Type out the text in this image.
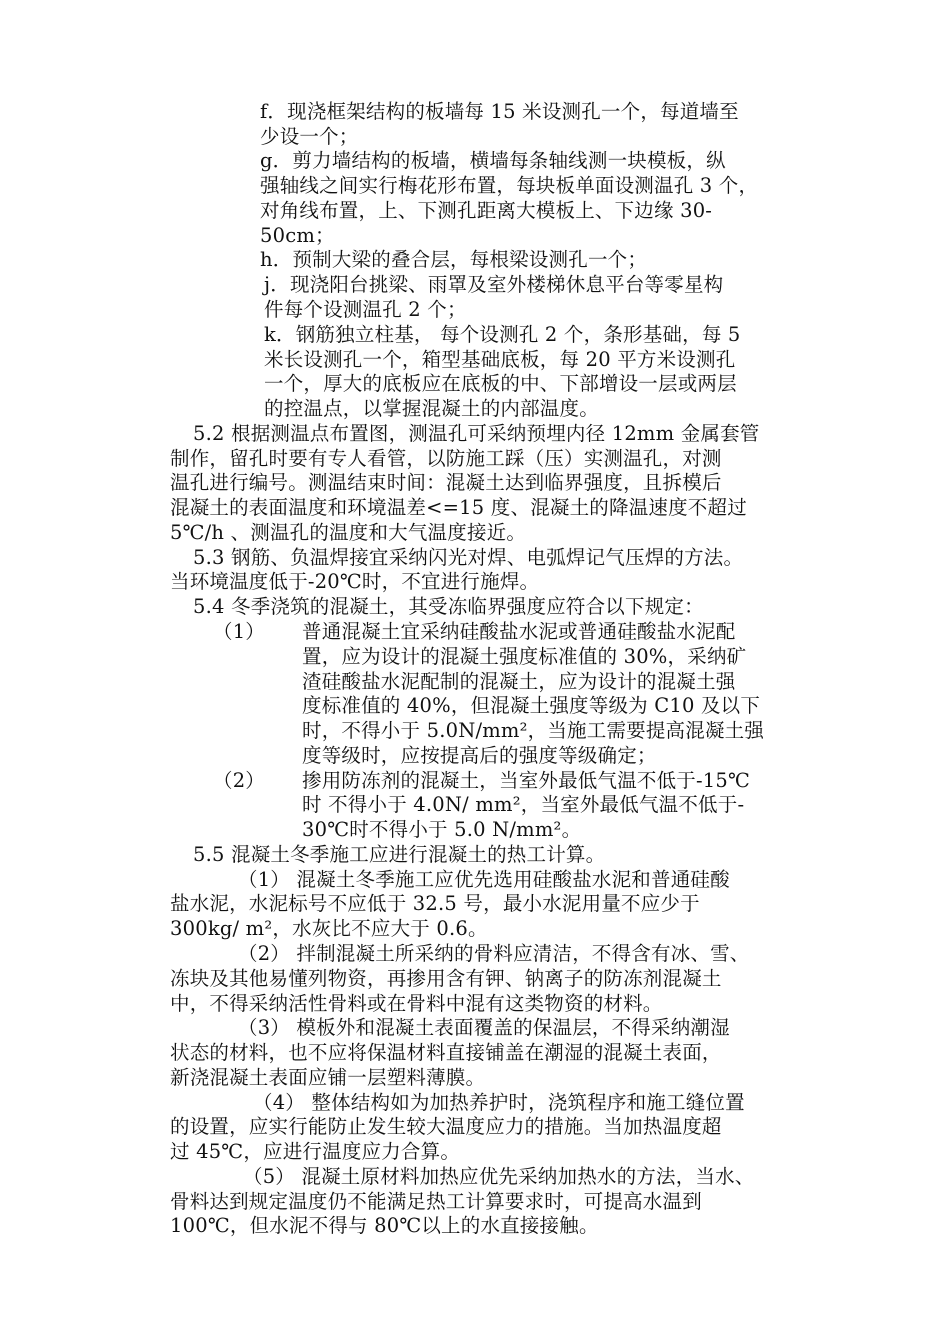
f．现浇框架结构的板墙每 15 米设测孔一个，每道墙至

少设一个；

g．剪力墙结构的板墙，横墙每条轴线测一块模板，纵

强轴线之间实行梅花形布置，每块板单面设测温孔 3 个，

对角线布置，上、下测孔距离大模板上、下边缘 30-

50cm；

h．预制大梁的叠合层，每根梁设测孔一个；

j．现浇阳台挑梁、雨罩及室外楼梯休息平台等零星构

件每个设测温孔 2 个；

k．钢筋独立柱基， 每个设测孔 2 个，条形基础，每 5

米长设测孔一个，箱型基础底板，每 20 平方米设测孔

一个，厚大的底板应在底板的中、下部增设一层或两层

的控温点，以掌握混凝土的内部温度。

5.2 根据测温点布置图，测温孔可采纳预埋内径 12mm 金属套管

制作，留孔时要有专人看管，以防施工踩（压）实测温孔，对测

温孔进行编号。测温结束时间：混凝土达到临界强度，且拆模后

混凝土的表面温度和环境温差<=15 度、混凝土的降温速度不超过

5℃/h 、测温孔的温度和大气温度接近。

5.3 钢筋、负温焊接宜采纳闪光对焊、电弧焊记气压焊的方法。

当环境温度低于-20℃时，不宜进行施焊。

5.4 冬季浇筑的混凝土，其受冻临界强度应符合以下规定：

（1） 普通混凝土宜采纳硅酸盐水泥或普通硅酸盐水泥配

置，应为设计的混凝土强度标准值的 30%，采纳矿

渣硅酸盐水泥配制的混凝土，应为设计的混凝土强

度标准值的 40%，但混凝土强度等级为 C10 及以下

时，不得小于 5.0N/mm²，当施工需要提高混凝土强

度等级时，应按提高后的强度等级确定；

（2） 掺用防冻剂的混凝土，当室外最低气温不低于-15℃

时 不得小于 4.0N/ mm²，当室外最低气温不低于-

30℃时不得小于 5.0 N/mm²。

5.5 混凝土冬季施工应进行混凝土的热工计算。

（1） 混凝土冬季施工应优先选用硅酸盐水泥和普通硅酸

盐水泥，水泥标号不应低于 32.5 号，最小水泥用量不应少于

300kg/ m²，水灰比不应大于 0.6。

（2） 拌制混凝土所采纳的骨料应清洁，不得含有冰、雪、

冻块及其他易懂列物资，再掺用含有钾、钠离子的防冻剂混凝土

中，不得采纳活性骨料或在骨料中混有这类物资的材料。

（3） 模板外和混凝土表面覆盖的保温层，不得采纳潮湿

状态的材料，也不应将保温材料直接铺盖在潮湿的混凝土表面，

新浇混凝土表面应铺一层塑料薄膜。

（4） 整体结构如为加热养护时，浇筑程序和施工缝位置

的设置，应实行能防止发生较大温度应力的措施。当加热温度超

过 45℃，应进行温度应力合算。

（5） 混凝土原材料加热应优先采纳加热水的方法，当水、

骨料达到规定温度仍不能满足热工计算要求时，可提高水温到

100℃，但水泥不得与 80℃以上的水直接接触。
